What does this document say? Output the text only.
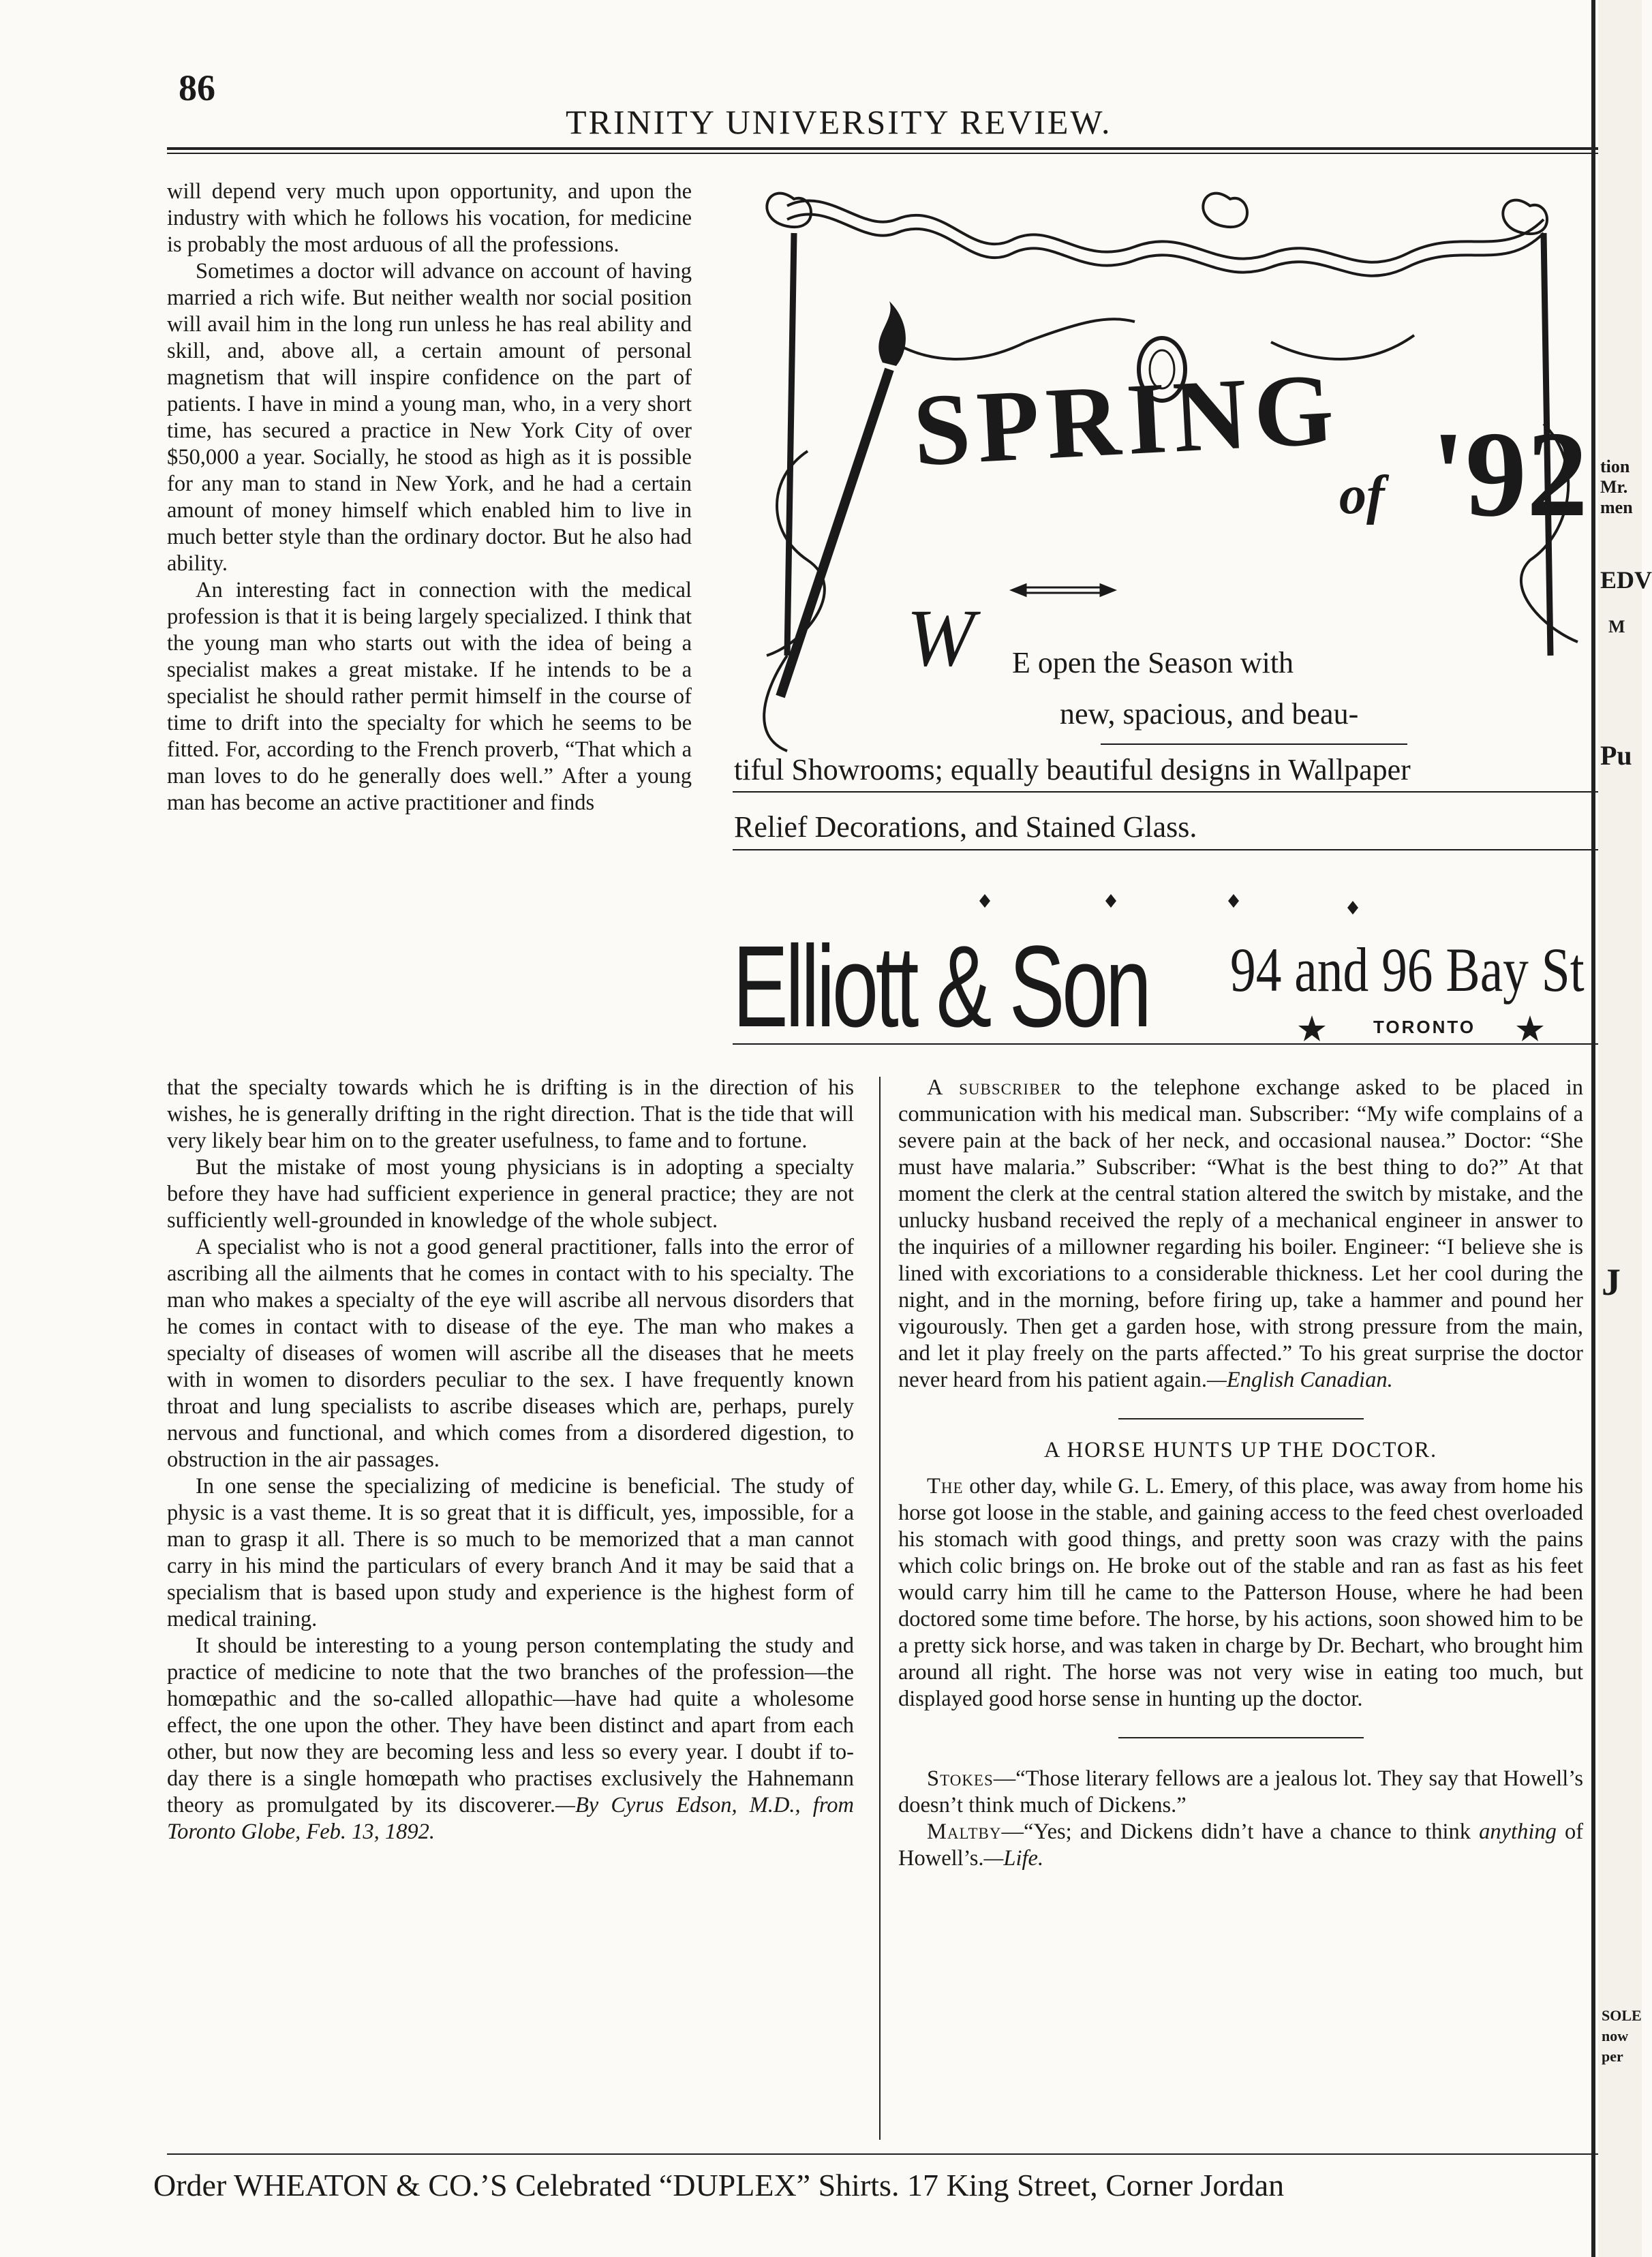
86
TRINITY UNIVERSITY REVIEW.

will depend very much upon opportunity, and upon the industry with which he follows his vocation, for medicine is probably the most arduous of all the professions.

Sometimes a doctor will advance on account of having married a rich wife. But neither wealth nor social position will avail him in the long run unless he has real ability and skill, and, above all, a certain amount of personal magnetism that will inspire confidence on the part of patients. I have in mind a young man, who, in a very short time, has secured a practice in New York City of over $50,000 a year. Socially, he stood as high as it is possible for any man to stand in New York, and he had a certain amount of money himself which enabled him to live in much better style than the ordinary doctor. But he also had ability.

An interesting fact in connection with the medical profession is that it is being largely specialized. I think that the young man who starts out with the idea of being a specialist makes a great mistake. If he intends to be a specialist he should rather permit himself in the course of time to drift into the specialty for which he seems to be fitted. For, according to the French proverb, “That which a man loves to do he generally does well.” After a young man has become an active practitioner and finds

SPRING
of '92
W E open the Season with
new, spacious, and beau-
tiful Showrooms; equally beautiful designs in Wallpaper
Relief Decorations, and Stained Glass.
Elliott & Son 94 and 96 Bay St
TORONTO

that the specialty towards which he is drifting is in the direction of his wishes, he is generally drifting in the right direction. That is the tide that will very likely bear him on to the greater usefulness, to fame and to fortune.

But the mistake of most young physicians is in adopting a specialty before they have had sufficient experience in general practice; they are not sufficiently well-grounded in knowledge of the whole subject.

A specialist who is not a good general practitioner, falls into the error of ascribing all the ailments that he comes in contact with to his specialty. The man who makes a specialty of the eye will ascribe all nervous disorders that he comes in contact with to disease of the eye. The man who makes a specialty of diseases of women will ascribe all the diseases that he meets with in women to disorders peculiar to the sex. I have frequently known throat and lung specialists to ascribe diseases which are, perhaps, purely nervous and functional, and which comes from a disordered digestion, to obstruction in the air passages.

In one sense the specializing of medicine is beneficial. The study of physic is a vast theme. It is so great that it is difficult, yes, impossible, for a man to grasp it all. There is so much to be memorized that a man cannot carry in his mind the particulars of every branch And it may be said that a specialism that is based upon study and experience is the highest form of medical training.

It should be interesting to a young person contemplating the study and practice of medicine to note that the two branches of the profession—the homœpathic and the so-called allopathic—have had quite a wholesome effect, the one upon the other. They have been distinct and apart from each other, but now they are becoming less and less so every year. I doubt if to-day there is a single homœpath who practises exclusively the Hahnemann theory as promulgated by its discoverer.—By Cyrus Edson, M.D., from Toronto Globe, Feb. 13, 1892.

A subscriber to the telephone exchange asked to be placed in communication with his medical man. Subscriber: “My wife complains of a severe pain at the back of her neck, and occasional nausea.” Doctor: “She must have malaria.” Subscriber: “What is the best thing to do?” At that moment the clerk at the central station altered the switch by mistake, and the unlucky husband received the reply of a mechanical engineer in answer to the inquiries of a millowner regarding his boiler. Engineer: “I believe she is lined with excoriations to a considerable thickness. Let her cool during the night, and in the morning, before firing up, take a hammer and pound her vigourously. Then get a garden hose, with strong pressure from the main, and let it play freely on the parts affected.” To his great surprise the doctor never heard from his patient again.—English Canadian.

A HORSE HUNTS UP THE DOCTOR.

The other day, while G. L. Emery, of this place, was away from home his horse got loose in the stable, and gaining access to the feed chest overloaded his stomach with good things, and pretty soon was crazy with the pains which colic brings on. He broke out of the stable and ran as fast as his feet would carry him till he came to the Patterson House, where he had been doctored some time before. The horse, by his actions, soon showed him to be a pretty sick horse, and was taken in charge by Dr. Bechart, who brought him around all right. The horse was not very wise in eating too much, but displayed good horse sense in hunting up the doctor.

Stokes—“Those literary fellows are a jealous lot. They say that Howell’s doesn’t think much of Dickens.”

Maltby—“Yes; and Dickens didn’t have a chance to think anything of Howell’s.—Life.

Order WHEATON & CO.’S Celebrated “DUPLEX” Shirts. 17 King Street, Corner Jordan
tion
Mr.
men
EDV
M
Pu
J
SOLE
now
per
